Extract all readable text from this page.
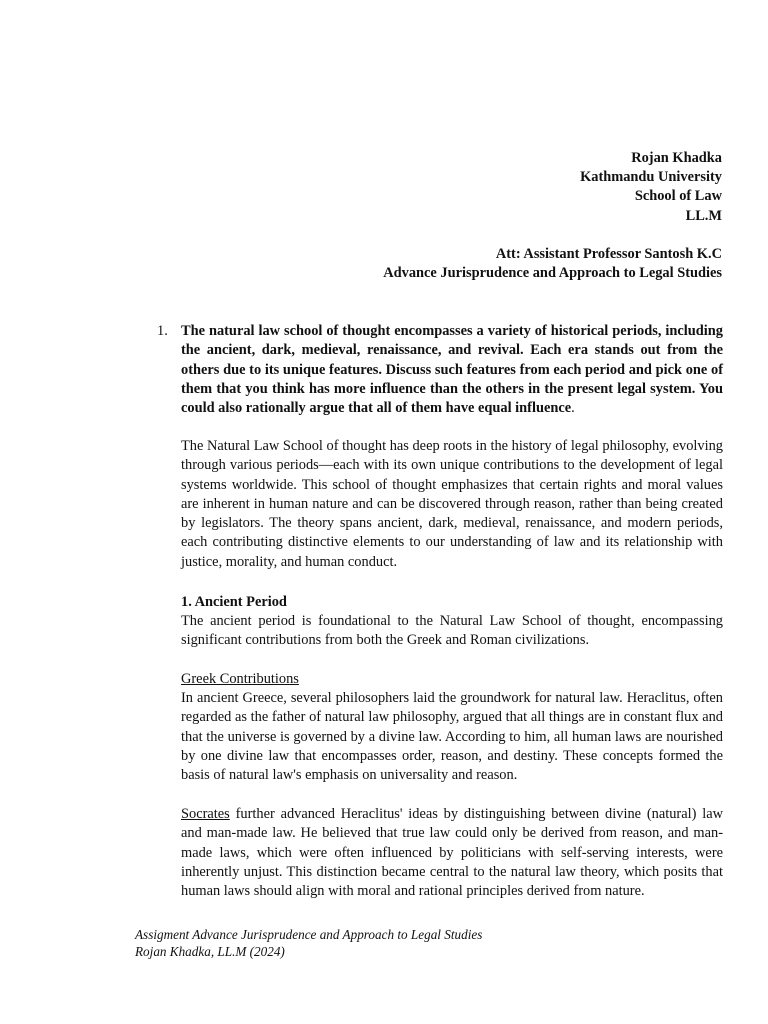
Rojan Khadka
Kathmandu University
School of Law
LL.M
Att: Assistant Professor Santosh K.C
Advance Jurisprudence and Approach to Legal Studies
1. The natural law school of thought encompasses a variety of historical periods, including the ancient, dark, medieval, renaissance, and revival. Each era stands out from the others due to its unique features. Discuss such features from each period and pick one of them that you think has more influence than the others in the present legal system. You could also rationally argue that all of them have equal influence.
The Natural Law School of thought has deep roots in the history of legal philosophy, evolving through various periods—each with its own unique contributions to the development of legal systems worldwide. This school of thought emphasizes that certain rights and moral values are inherent in human nature and can be discovered through reason, rather than being created by legislators. The theory spans ancient, dark, medieval, renaissance, and modern periods, each contributing distinctive elements to our understanding of law and its relationship with justice, morality, and human conduct.
1. Ancient Period
The ancient period is foundational to the Natural Law School of thought, encompassing significant contributions from both the Greek and Roman civilizations.
Greek Contributions
In ancient Greece, several philosophers laid the groundwork for natural law. Heraclitus, often regarded as the father of natural law philosophy, argued that all things are in constant flux and that the universe is governed by a divine law. According to him, all human laws are nourished by one divine law that encompasses order, reason, and destiny. These concepts formed the basis of natural law's emphasis on universality and reason.
Socrates further advanced Heraclitus' ideas by distinguishing between divine (natural) law and man-made law. He believed that true law could only be derived from reason, and man-made laws, which were often influenced by politicians with self-serving interests, were inherently unjust. This distinction became central to the natural law theory, which posits that human laws should align with moral and rational principles derived from nature.
Assigment Advance Jurisprudence and Approach to Legal Studies
Rojan Khadka, LL.M (2024)
